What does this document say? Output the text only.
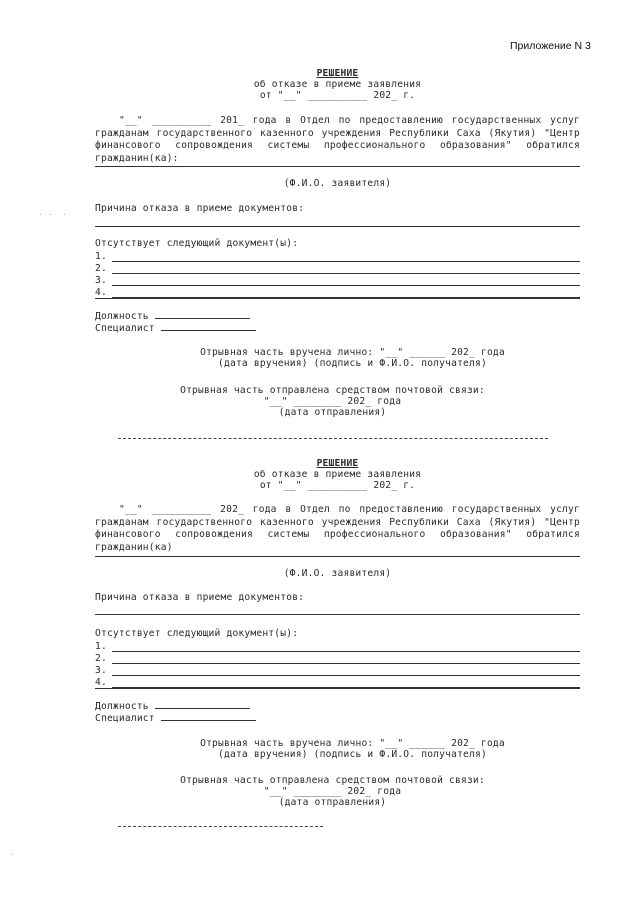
Приложение N 3

РЕШЕНИЕ

об отказе в приеме заявления

от "__" __________ 202_ г.

"__" __________ 201_ года в Отдел по предоставлению государственных услуг гражданам государственного казенного учреждения Республики Саха (Якутия) "Центр финансового сопровождения системы профессионального образования" обратился гражданин(ка):
(Ф.И.О. заявителя)
Причина отказа в приеме документов:
Отсутствует следующий документ(ы):
1.
2.
3.
4.
Должность
Специалист

Отрывная часть вручена лично: "__" ______ 202_ года

(дата вручения) (подпись и Ф.И.О. получателя)

Отрывная часть отправлена средством почтовой связи:

"__" ________ 202_ года

(дата отправления)

РЕШЕНИЕ

об отказе в приеме заявления

от "__" __________ 202_ г.

"__" __________ 202_ года в Отдел по предоставлению государственных услуг гражданам государственного казенного учреждения Республики Саха (Якутия) "Центр финансового сопровождения системы профессионального образования" обратился гражданин(ка)
(Ф.И.О. заявителя)
Причина отказа в приеме документов:
Отсутствует следующий документ(ы):
1.
2.
3.
4.
Должность
Специалист

Отрывная часть вручена лично: "__" ______ 202_ года

(дата вручения) (подпись и Ф.И.О. получателя)

Отрывная часть отправлена средством почтовой связи:

"__" ________ 202_ года

(дата отправления)

· ·  ·
·
